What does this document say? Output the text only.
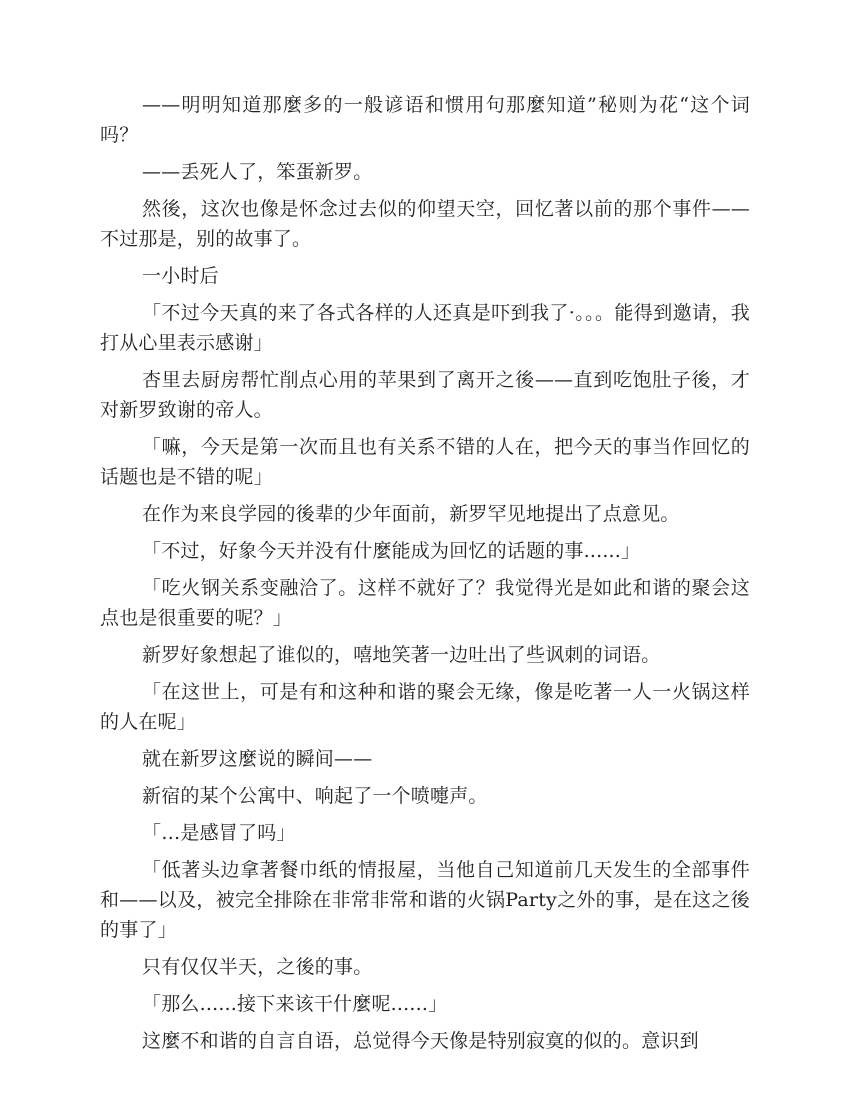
——明明知道那麼多的一般谚语和惯用句那麼知道”秘则为花“这个词吗？

——丢死人了，笨蛋新罗。

然後，这次也像是怀念过去似的仰望天空，回忆著以前的那个事件——不过那是，别的故事了。

一小时后

「不过今天真的来了各式各样的人还真是吓到我了·。。。能得到邀请，我打从心里表示感谢」

杏里去厨房帮忙削点心用的苹果到了离开之後——直到吃饱肚子後，才对新罗致谢的帝人。

「嘛，今天是第一次而且也有关系不错的人在，把今天的事当作回忆的话题也是不错的呢」

在作为来良学园的後辈的少年面前，新罗罕见地提出了点意见。

「不过，好象今天并没有什麼能成为回忆的话题的事......」

「吃火钢关系变融洽了。这样不就好了？我觉得光是如此和谐的聚会这点也是很重要的呢？」

新罗好象想起了谁似的，嘻地笑著一边吐出了些讽刺的词语。

「在这世上，可是有和这种和谐的聚会无缘，像是吃著一人一火锅这样的人在呢」

就在新罗这麼说的瞬间——

新宿的某个公寓中、响起了一个喷嚏声。

「…是感冒了吗」

「低著头边拿著餐巾纸的情报屋，当他自己知道前几天发生的全部事件和——以及，被完全排除在非常非常和谐的火锅Party之外的事，是在这之後的事了」

只有仅仅半天，之後的事。

「那么......接下来该干什麼呢......」

这麼不和谐的自言自语，总觉得今天像是特别寂寞的似的。意识到
